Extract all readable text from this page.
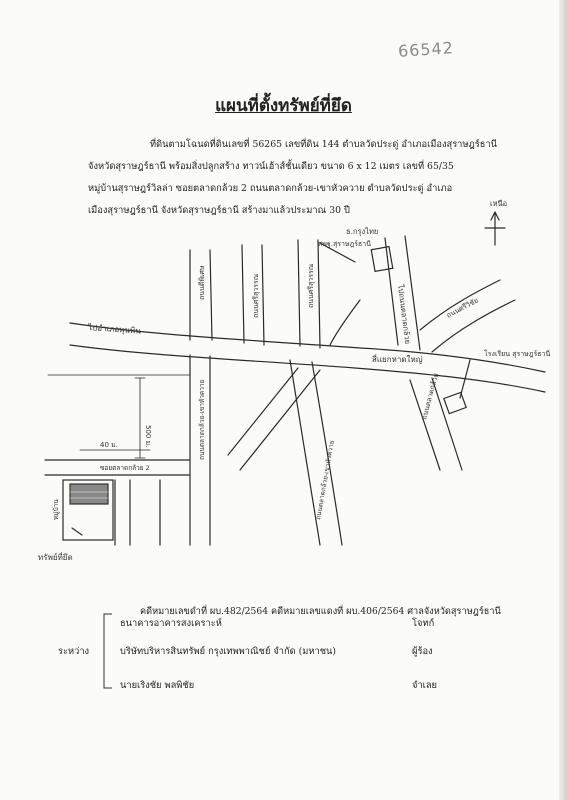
66542
แผนที่ตั้งทรัพย์ที่ยึด
ที่ดินตามโฉนดที่ดินเลขที่ 56265 เลขที่ดิน 144 ตำบลวัดประดู่ อำเภอเมืองสุราษฎร์ธานี
จังหวัดสุราษฎร์ธานี พร้อมสิ่งปลูกสร้าง ทาวน์เฮ้าส์ชั้นเดียว ขนาด 6 x 12 เมตร เลขที่ 65/35
หมู่บ้านสุราษฎร์วิลล่า ซอยตลาดกล้วย 2 ถนนตลาดกล้วย-เขาหัวควาย ตำบลวัดประดู่ อำเภอ
เมืองสุราษฎร์ธานี จังหวัดสุราษฎร์ธานี สร้างมาแล้วประมาณ 30 ปี
เหนือ
ธ.กรุงไทย
สพฐ.สุราษฎร์ธานี
ถนนดีพิเศษ	ถนนศรีสุวรรณ	ถนนศรีสุวรรณ	ไปถนนตลาดกล้วย
ไปอำเภอพุนพิน
ถนนศรีวิชัย
โรงเรียน สุราษฎร์ธานี
สี่แยกหาดใหญ่
ถนนตลาดกล้วย
ถนนตลาดกล้วย-เขาหัวควาย
ถนนตลาดกล้วย-เขาหัวควาย
500 ม.
40 ม.
ซอยตลาดกล้วย 2
หมู่บ้าน
ทรัพย์ที่ยึด
คดีหมายเลขดำที่ ผบ.482/2564 คดีหมายเลขแดงที่ ผบ.406/2564 ศาลจังหวัดสุราษฎร์ธานี
ระหว่าง
ธนาคารอาคารสงเคราะห์	โจทก์
บริษัทบริหารสินทรัพย์ กรุงเทพพาณิชย์ จำกัด (มหาชน)	ผู้ร้อง
นายเริงชัย พลพิชัย	จำเลย
